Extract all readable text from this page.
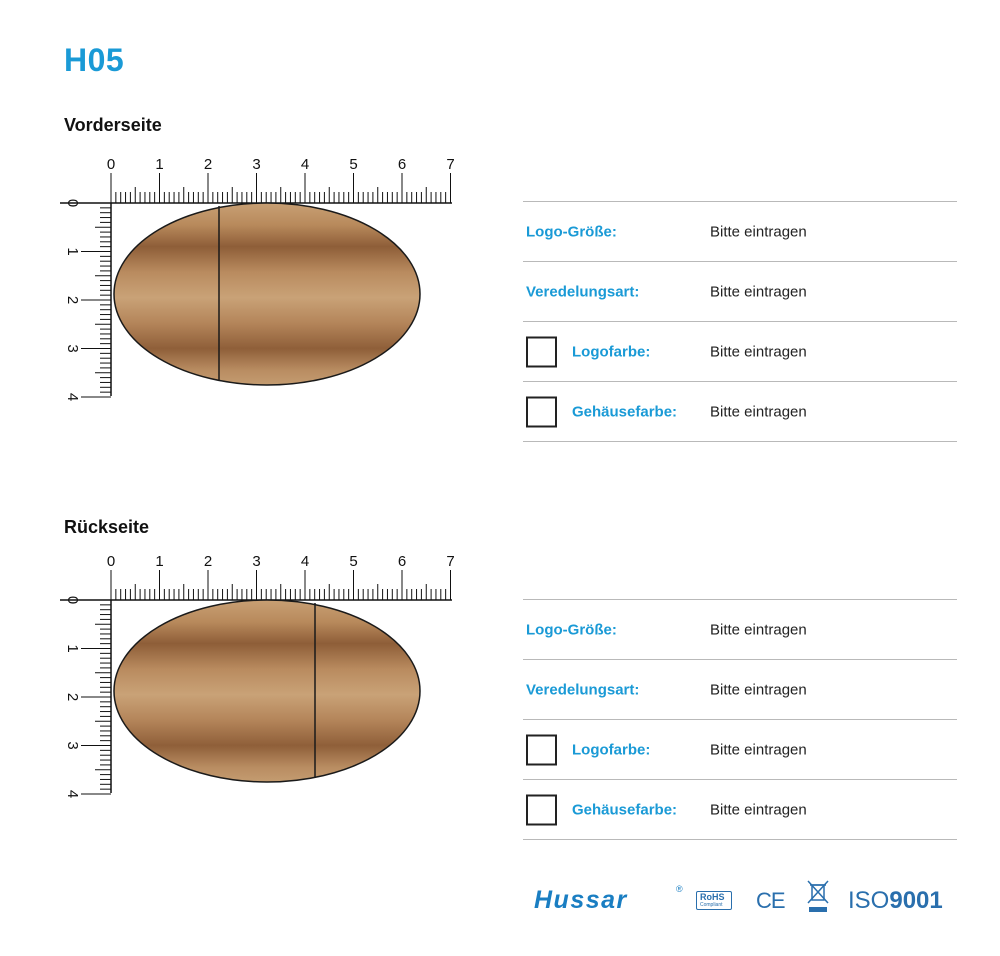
H05
Vorderseite
0	1	2	3	4	5	6	7
0
1
2
3
4
Logo-Größe:	Bitte eintragen
Veredelungsart:	Bitte eintragen
Logofarbe:	Bitte eintragen
Gehäusefarbe: Bitte eintragen
Rückseite
0	1	2	3	4	5	6	7
0
1
2
3
4
Logo-Größe:	Bitte eintragen
Veredelungsart:	Bitte eintragen
Logofarbe:	Bitte eintragen
Gehäusefarbe: Bitte eintragen
Hussar	®
RoHS
Compliant CE	ISO9001
